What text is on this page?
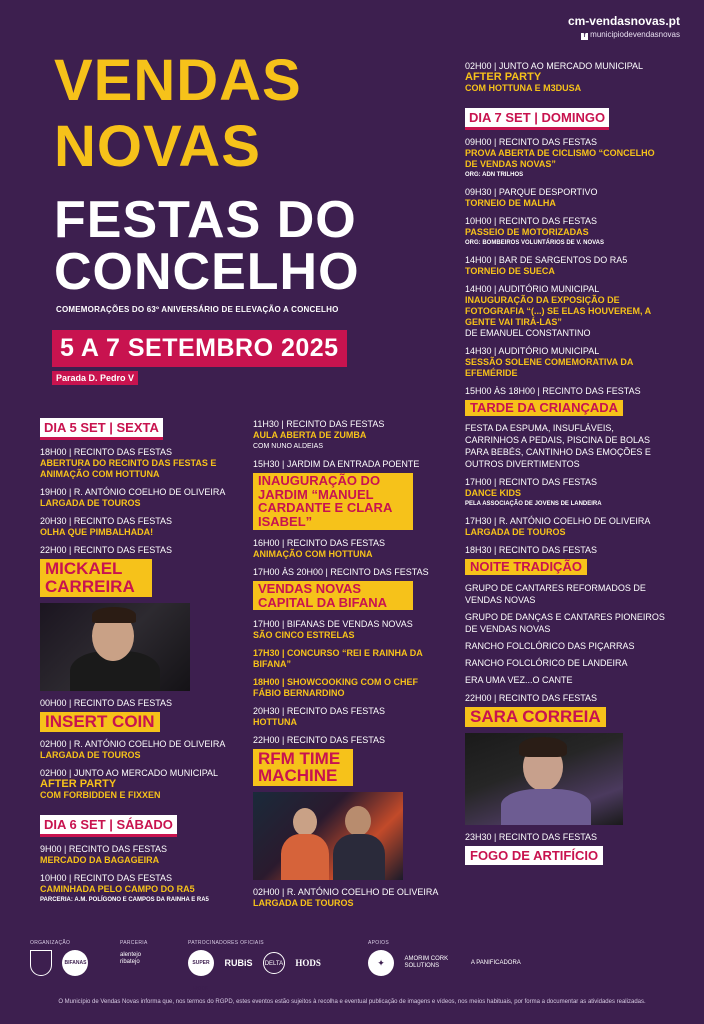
cm-vendasnovas.pt
f municipiodevendasnovas
VENDAS
NOVAS
FESTAS DO
CONCELHO
COMEMORAÇÕES DO 63º ANIVERSÁRIO DE ELEVAÇÃO A CONCELHO
5 A 7 SETEMBRO 2025
Parada D. Pedro V
DIA 5 SET | SEXTA
18H00 | RECINTO DAS FESTAS
ABERTURA DO RECINTO DAS FESTAS E ANIMAÇÃO COM HOTTUNA
19H00 | R. ANTÓNIO COELHO DE OLIVEIRA
LARGADA DE TOUROS
20H30 | RECINTO DAS FESTAS
OLHA QUE PIMBALHADA!
22H00 | RECINTO DAS FESTAS
MICKAEL CARREIRA
00H00 | RECINTO DAS FESTAS
INSERT COIN
02H00 | R. ANTÓNIO COELHO DE OLIVEIRA
LARGADA DE TOUROS
02H00 | JUNTO AO MERCADO MUNICIPAL
AFTER PARTY
COM FORBIDDEN E FIXXEN
DIA 6 SET | SÁBADO
9H00 | RECINTO DAS FESTAS
MERCADO DA BAGAGEIRA
10H00 | RECINTO DAS FESTAS
CAMINHADA PELO CAMPO DO RA5
PARCERIA: A.M. POLÍGONO E CAMPOS DA RAINHA E RA5
11H30 | RECINTO DAS FESTAS
AULA ABERTA DE ZUMBA
COM NUNO ALDEIAS
15H30 | JARDIM DA ENTRADA POENTE
INAUGURAÇÃO DO JARDIM “MANUEL CARDANTE E CLARA ISABEL”
16H00 | RECINTO DAS FESTAS
ANIMAÇÃO COM HOTTUNA
17H00 ÀS 20H00 | RECINTO DAS FESTAS
VENDAS NOVAS CAPITAL DA BIFANA
17H00 | BIFANAS DE VENDAS NOVAS
SÃO CINCO ESTRELAS
17H30 | CONCURSO “REI E RAINHA DA BIFANA”
18H00 | SHOWCOOKING COM O CHEF
FÁBIO BERNARDINO
20H30 | RECINTO DAS FESTAS
HOTTUNA
22H00 | RECINTO DAS FESTAS
RFM TIME MACHINE
02H00 | R. ANTÓNIO COELHO DE OLIVEIRA
LARGADA DE TOUROS
02H00 | JUNTO AO MERCADO MUNICIPAL
AFTER PARTY
COM HOTTUNA E M3DUSA
DIA 7 SET | DOMINGO
09H00 | RECINTO DAS FESTAS
PROVA ABERTA DE CICLISMO “CONCELHO DE VENDAS NOVAS”
ORG: ADN TRILHOS
09H30 | PARQUE DESPORTIVO
TORNEIO DE MALHA
10H00 | RECINTO DAS FESTAS
PASSEIO DE MOTORIZADAS
ORG: BOMBEIROS VOLUNTÁRIOS DE V. NOVAS
14H00 | BAR DE SARGENTOS DO RA5
TORNEIO DE SUECA
14H00 | AUDITÓRIO MUNICIPAL
INAUGURAÇÃO DA EXPOSIÇÃO DE FOTOGRAFIA “(...) SE ELAS HOUVEREM, A GENTE VAI TIRÁ-LAS”
DE EMANUEL CONSTANTINO
14H30 | AUDITÓRIO MUNICIPAL
SESSÃO SOLENE COMEMORATIVA DA EFEMÉRIDE
15H00 ÀS 18H00 | RECINTO DAS FESTAS
TARDE DA CRIANÇADA
FESTA DA ESPUMA, INSUFLÁVEIS, CARRINHOS A PEDAIS, PISCINA DE BOLAS PARA BEBÉS, CANTINHO DAS EMOÇÕES E OUTROS DIVERTIMENTOS
17H00 | RECINTO DAS FESTAS
DANCE KIDS
PELA ASSOCIAÇÃO DE JOVENS DE LANDEIRA
17H30 | R. ANTÓNIO COELHO DE OLIVEIRA
LARGADA DE TOUROS
18H30 | RECINTO DAS FESTAS
NOITE TRADIÇÃO
GRUPO DE CANTARES REFORMADOS DE VENDAS NOVAS
GRUPO DE DANÇAS E CANTARES PIONEIROS DE VENDAS NOVAS
RANCHO FOLCLÓRICO DAS PIÇARRAS
RANCHO FOLCLÓRICO DE LANDEIRA
ERA UMA VEZ...O CANTE
22H00 | RECINTO DAS FESTAS
SARA CORREIA
23H30 | RECINTO DAS FESTAS
FOGO DE ARTIFÍCIO
ORGANIZAÇÃO
BIFANAS
PARCERIA
alentejo
ribatejo
PATROCINADORES OFICIAIS
SUPER BOCK RUBiS DELTA HODS
APOIOS
✦	AMORIM CORK SOLUTIONS A PANIFICADORA
O Município de Vendas Novas informa que, nos termos do RGPD, estes eventos estão sujeitos à recolha e eventual publicação de imagens e vídeos, nos meios habituais, por forma a documentar as atividades realizadas.
